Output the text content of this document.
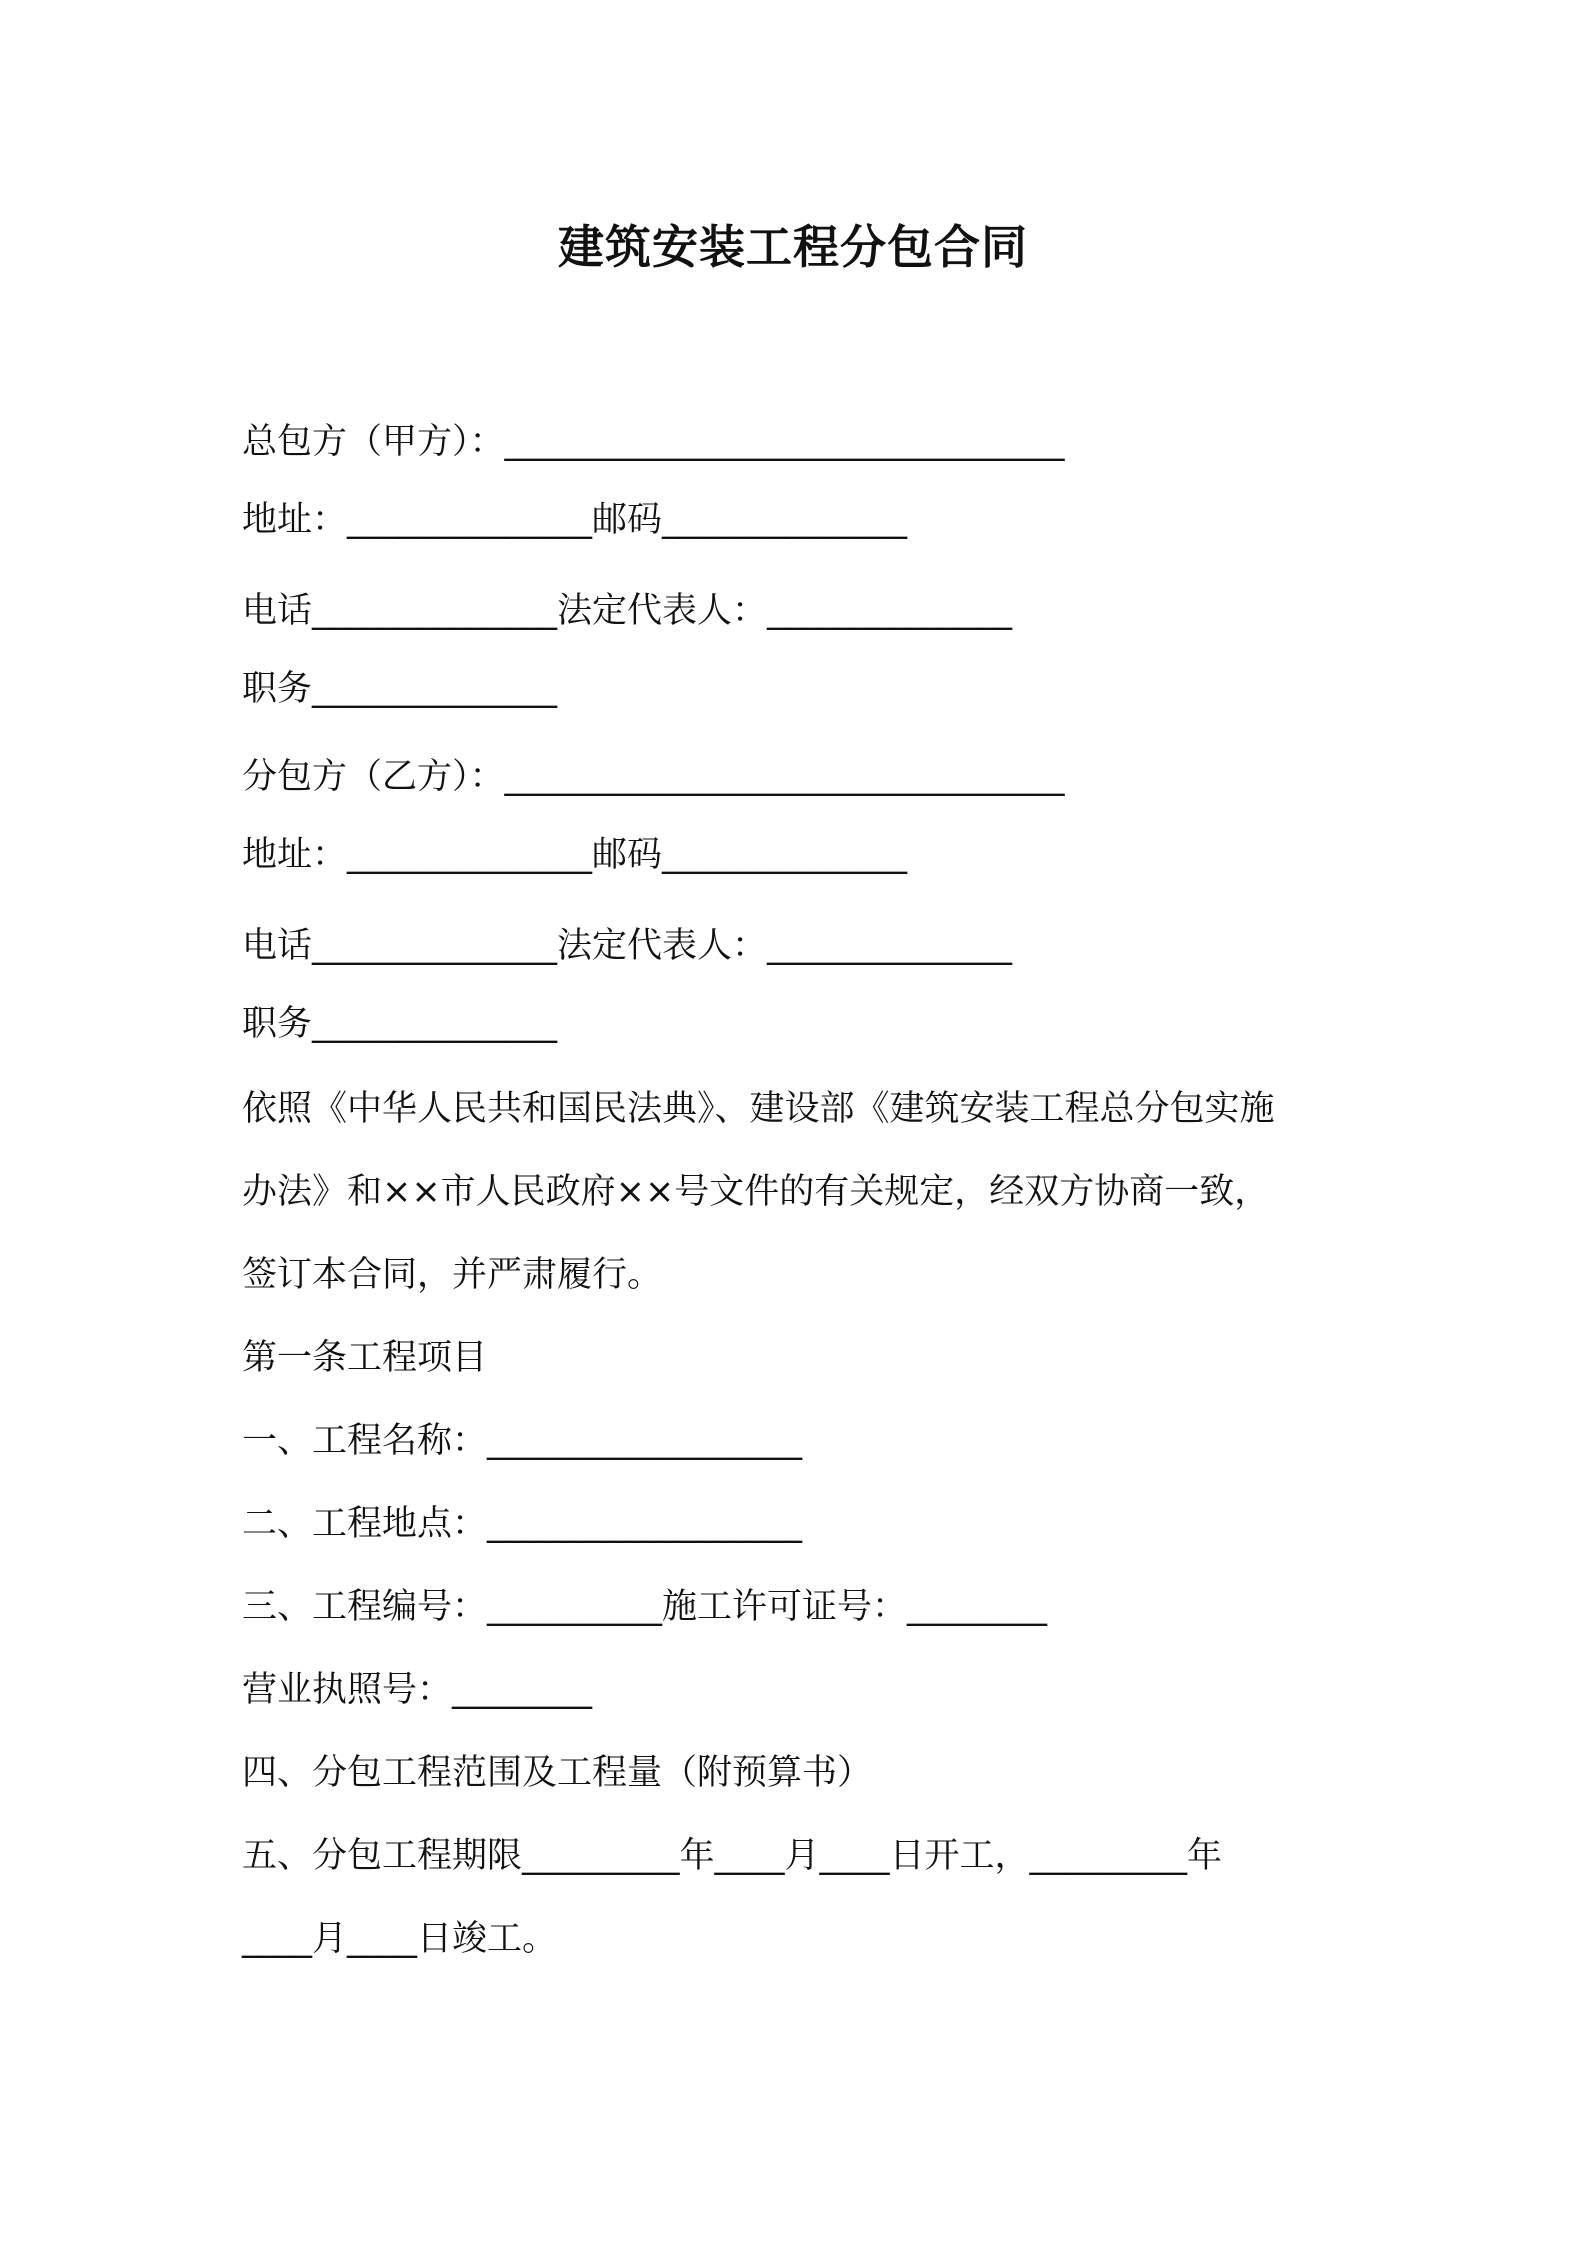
建筑安装工程分包合同

总包方（甲方）：________________________________

地址：______________邮码______________

电话______________法定代表人：______________

职务______________

分包方（乙方）：________________________________

地址：______________邮码______________

电话______________法定代表人：______________

职务______________

依照《中华人民共和国民法典》、建设部《建筑安装工程总分包实施

办法》和××市人民政府××号文件的有关规定，经双方协商一致，

签订本合同，并严肃履行。

第一条工程项目

一、工程名称：__________________

二、工程地点：__________________

三、工程编号：__________施工许可证号：________

营业执照号：________

四、分包工程范围及工程量（附预算书）

五、分包工程期限_________年____月____日开工，_________年

____月____日竣工。
